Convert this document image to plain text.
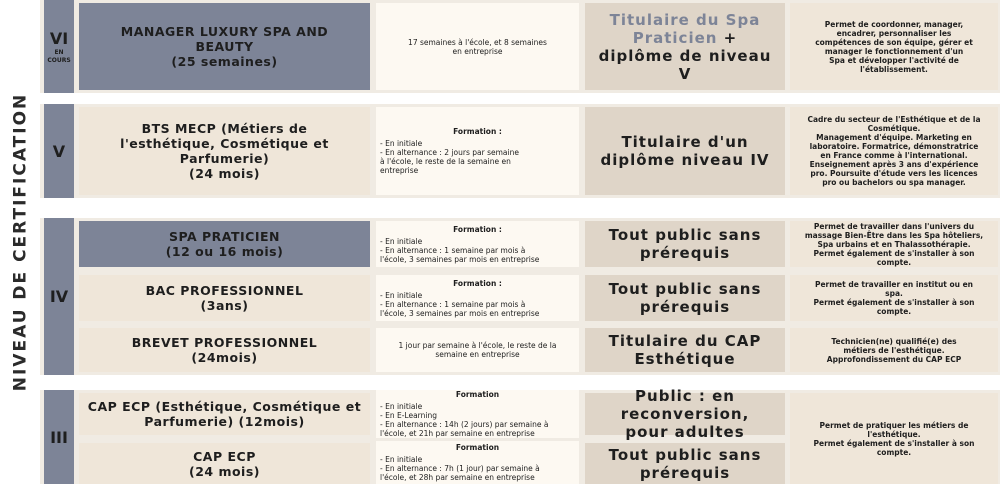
NIVEAU DE CERTIFICATION
VI
EN
COURS
V
IV
III
MANAGER LUXURY SPA AND
BEAUTY
(25 semaines)
17 semaines à l'école, et 8 semaines
en entreprise
Titulaire du Spa
Praticien +
diplôme de niveau
V
Permet de coordonner, manager,
encadrer, personnaliser les
compétences de son équipe, gérer et
manager le fonctionnement d'un
Spa et développer l'activité de
l'établissement.
BTS MECP (Métiers de
l'esthétique, Cosmétique et
Parfumerie)
(24 mois)
Formation :
- En initiale
- En alternance : 2 jours par semaine
à l'école, le reste de la semaine en
entreprise
Titulaire d'un
diplôme niveau IV
Cadre du secteur de l'Esthétique et de la
Cosmétique.
Management d'équipe. Marketing en
laboratoire. Formatrice, démonstratrice
en France comme à l'international.
Enseignement après 3 ans d'expérience
pro. Poursuite d'étude vers les licences
pro ou bachelors ou spa manager.
SPA PRATICIEN
(12 ou 16 mois)
Formation :
- En initiale
- En alternance : 1 semaine par mois à
l'école, 3 semaines par mois en entreprise
Tout public sans
prérequis
Permet de travailler dans l'univers du
massage Bien-Être dans les Spa hôteliers,
Spa urbains et en Thalassothérapie.
Permet également de s'installer à son
compte.
BAC PROFESSIONNEL
(3ans)
Formation :
- En initiale
- En alternance : 1 semaine par mois à
l'école, 3 semaines par mois en entreprise
Tout public sans
prérequis
Permet de travailler en institut ou en
spa.
Permet également de s'installer à son
compte.
BREVET PROFESSIONNEL
(24mois)
1 jour par semaine à l'école, le reste de la
semaine en entreprise
Titulaire du CAP
Esthétique
Technicien(ne) qualifié(e) des
métiers de l'esthétique.
Approfondissement du CAP ECP
CAP ECP (Esthétique, Cosmétique et
Parfumerie) (12mois)
Formation
- En initiale
- En E-Learning
- En alternance : 14h (2 jours) par semaine à
l'école, et 21h par semaine en entreprise
Public : en reconversion,
pour adultes
CAP ECP
(24 mois)
Formation
- En initiale
- En alternance : 7h (1 jour) par semaine à
l'école, et 28h par semaine en entreprise
Tout public sans
prérequis
Permet de pratiquer les métiers de
l'esthétique.
Permet également de s'installer à son
compte.
